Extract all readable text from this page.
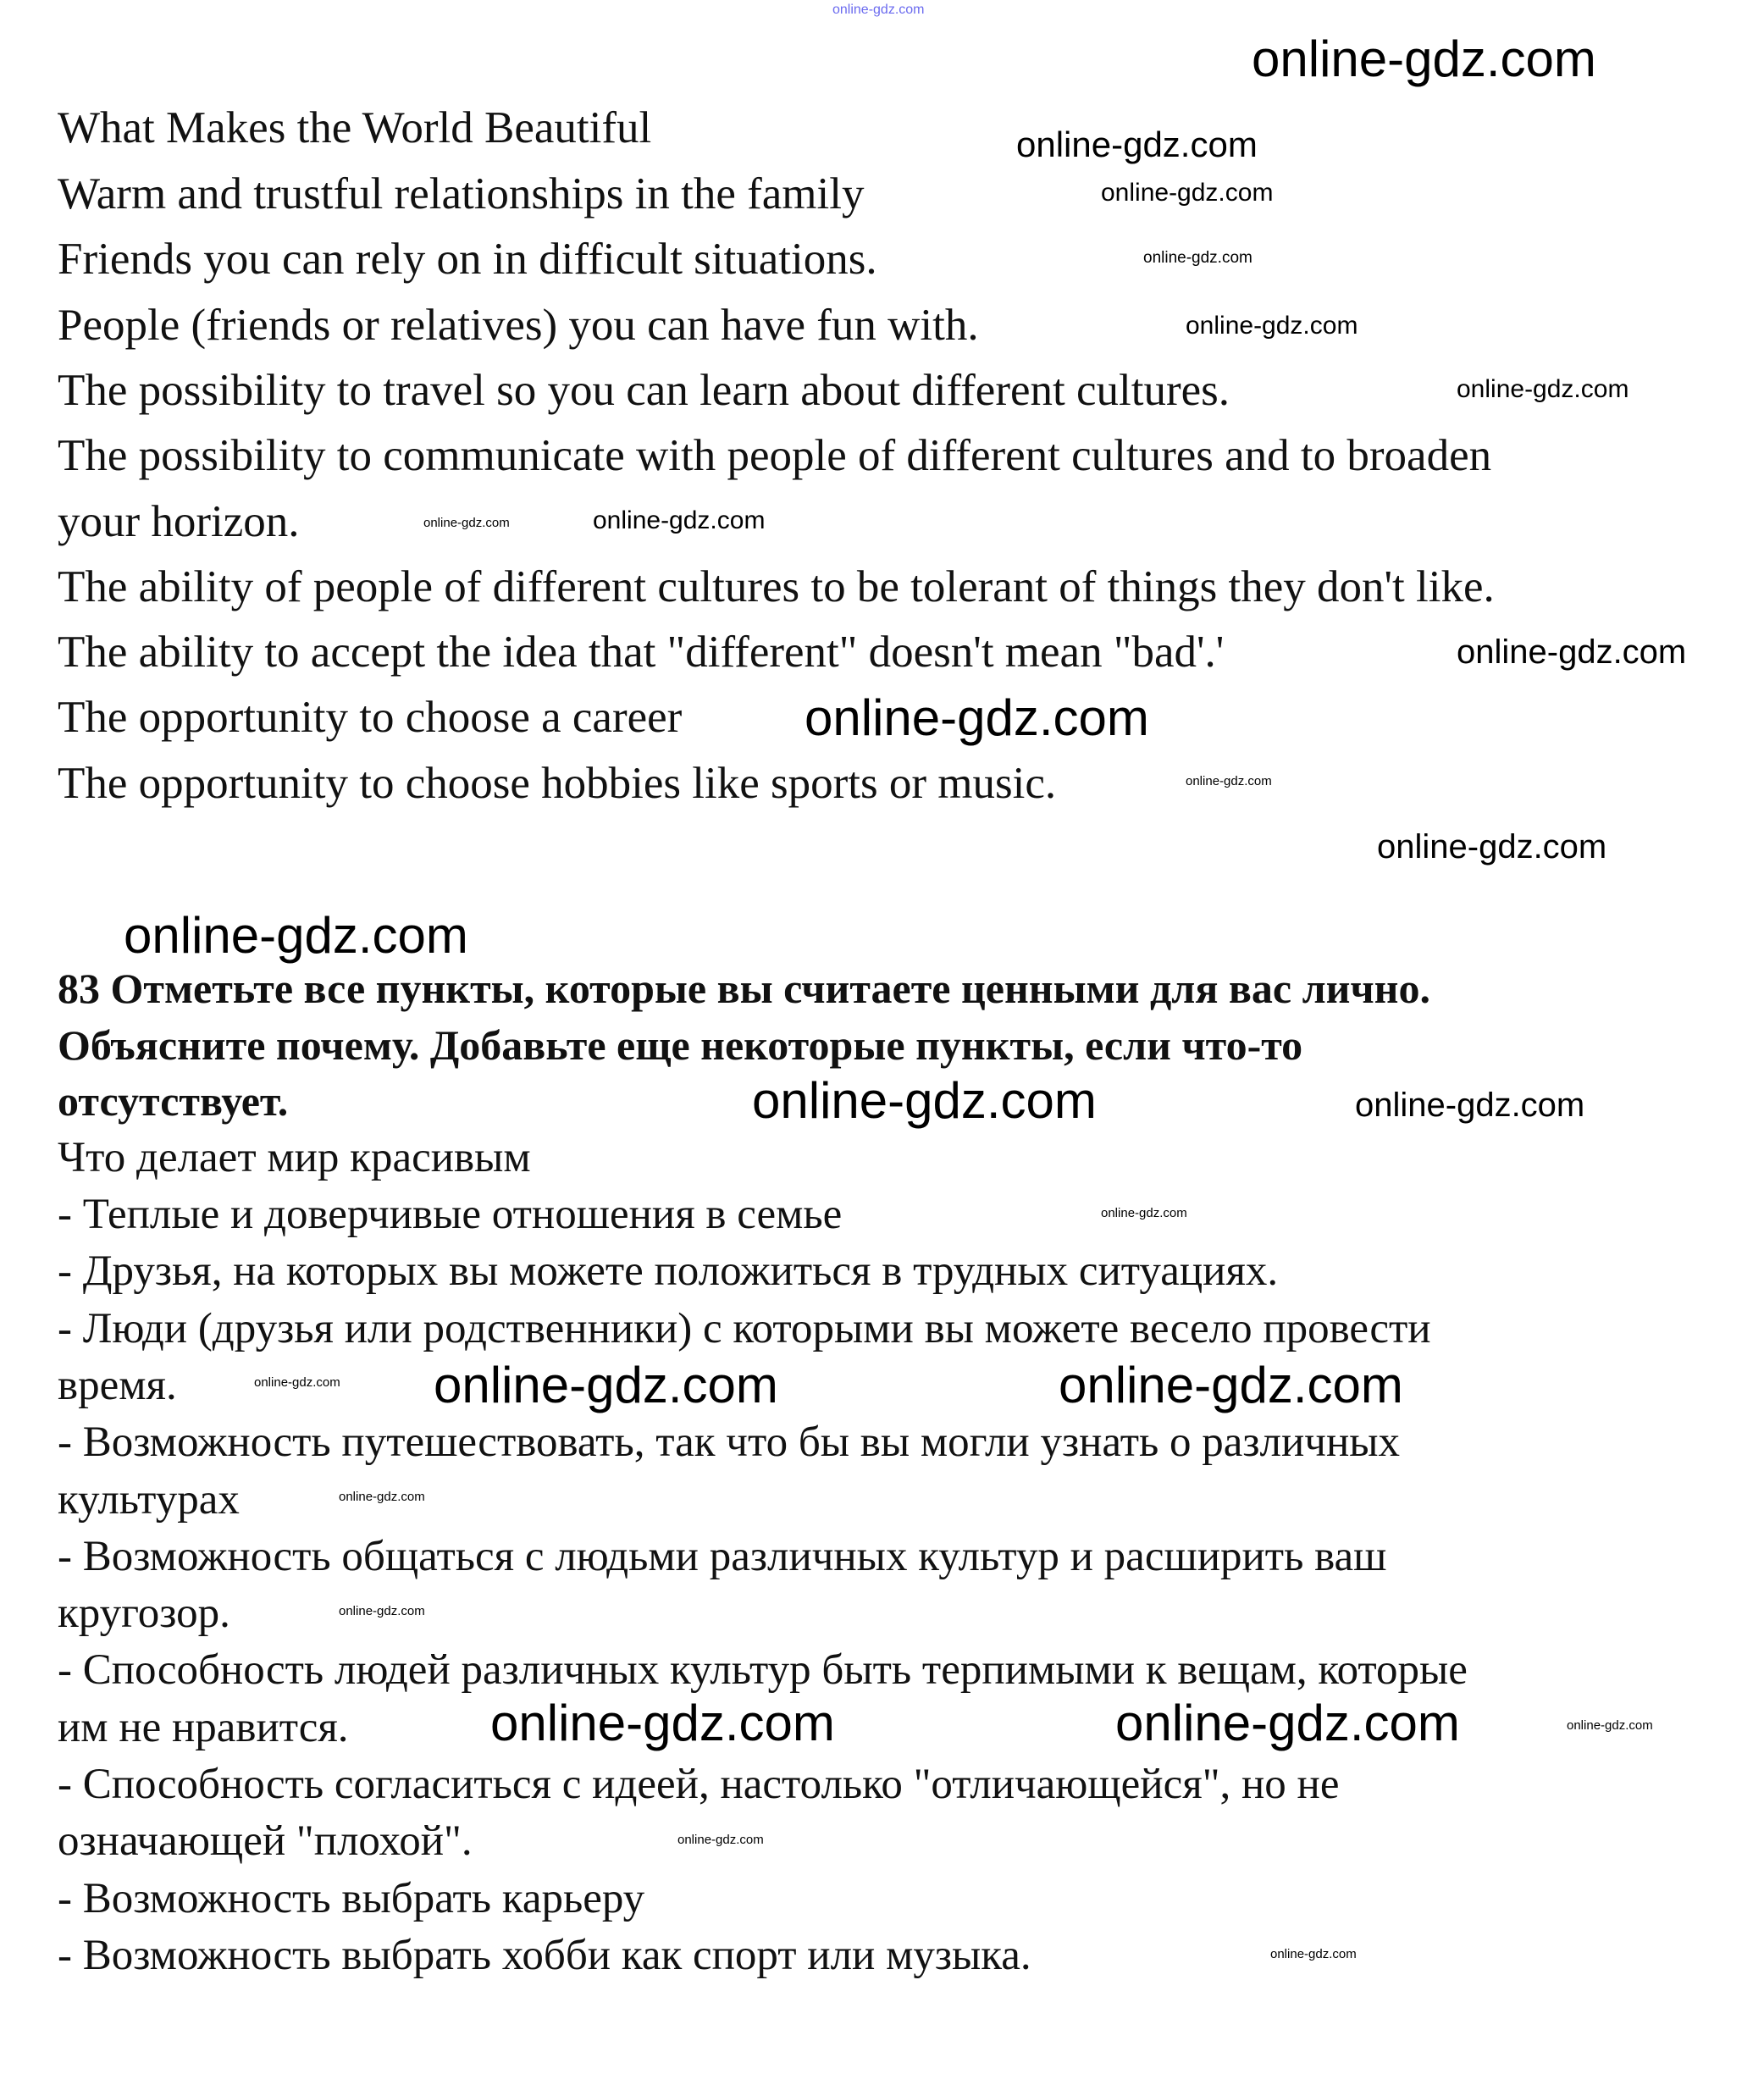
What Makes the World Beautiful
Warm and trustful relationships in the family
Friends you can rely on in difficult situations.
People (friends or relatives) you can have fun with.
The possibility to travel so you can learn about different cultures.
The possibility to communicate with people of different cultures and to broaden
your horizon.
The ability of people of different cultures to be tolerant of things they don't like.
The ability to accept the idea that "different" doesn't mean "bad'.'
The opportunity to choose a career
The opportunity to choose hobbies like sports or music.
83 Отметьте все пункты, которые вы считаете ценными для вас лично.
Объясните почему. Добавьте еще некоторые пункты, если что-то
отсутствует.
Что делает мир красивым
- Теплые и доверчивые отношения в семье
- Друзья, на которых вы можете положиться в трудных ситуациях.
- Люди (друзья или родственники) с которыми вы можете весело провести
время.
- Возможность путешествовать, так что бы вы могли узнать о различных
культурах
- Возможность общаться с людьми различных культур и расширить ваш
кругозор.
- Способность людей различных культур быть терпимыми к вещам, которые
им не нравится.
- Способность согласиться с идеей, настолько "отличающейся", но не
означающей "плохой".
- Возможность выбрать карьеру
- Возможность выбрать хобби как спорт или музыка.
online-gdz.com
online-gdz.com
online-gdz.com
online-gdz.com
online-gdz.com
online-gdz.com
online-gdz.com
online-gdz.com	online-gdz.com
online-gdz.com
online-gdz.com
online-gdz.com
online-gdz.com
online-gdz.com
online-gdz.com	online-gdz.com
online-gdz.com
online-gdz.com online-gdz.com	online-gdz.com
online-gdz.com
online-gdz.com
online-gdz.com	online-gdz.com	online-gdz.com
online-gdz.com
online-gdz.com
